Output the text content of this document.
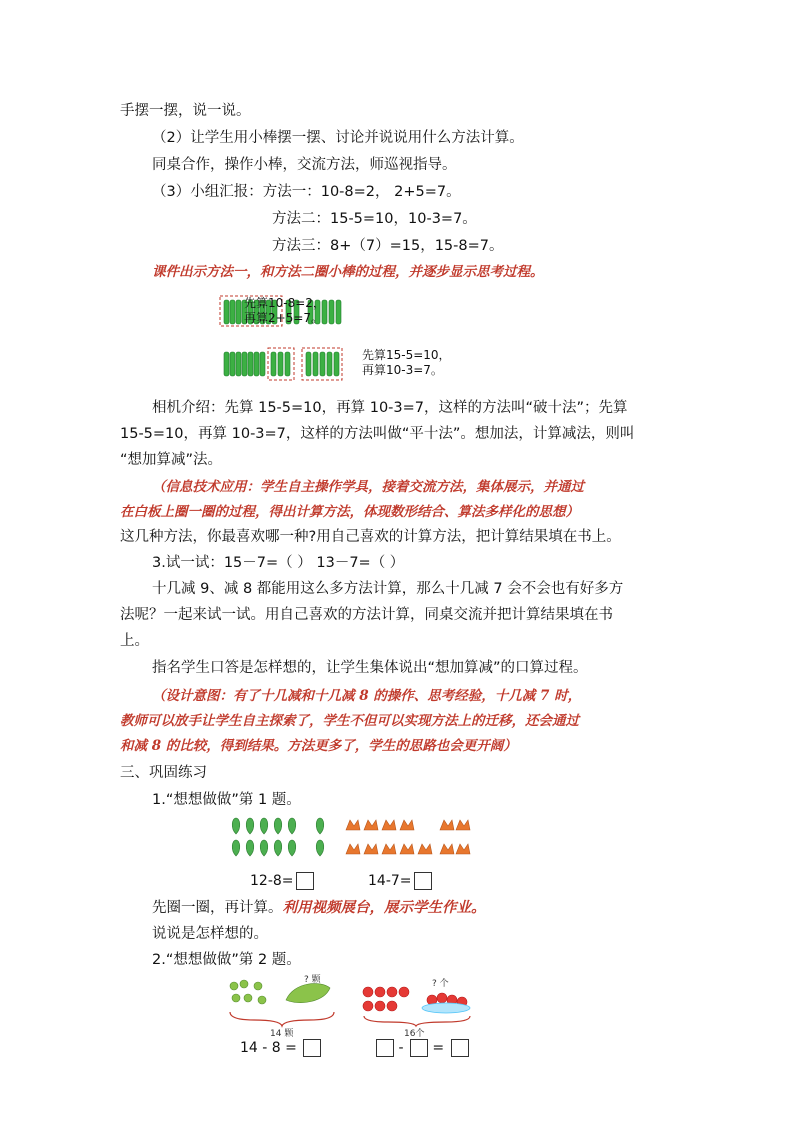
手摆一摆，说一说。
（2）让学生用小棒摆一摆、讨论并说说用什么方法计算。
同桌合作，操作小棒，交流方法，师巡视指导。
（3）小组汇报：方法一：10-8=2， 2+5=7。
方法二：15-5=10，10-3=7。
方法三：8+（7）=15，15-8=7。
课件出示方法一，和方法二圈小棒的过程，并逐步显示思考过程。
先算10-8=2，
再算2+5=7。
先算15-5=10，
再算10-3=7。
相机介绍：先算 15-5=10，再算 10-3=7，这样的方法叫“破十法”；先算
15-5=10，再算 10-3=7，这样的方法叫做“平十法”。想加法，计算减法，则叫
“想加算减”法。
（信息技术应用：学生自主操作学具，接着交流方法，集体展示，并通过
在白板上圈一圈的过程，得出计算方法，体现数形结合、算法多样化的思想）
这几种方法，你最喜欢哪一种?用自己喜欢的计算方法，把计算结果填在书上。
3.试一试：15－7=（ ） 13－7=（ ）
十几减 9、减 8 都能用这么多方法计算，那么十几减 7 会不会也有好多方
法呢？一起来试一试。用自己喜欢的方法计算，同桌交流并把计算结果填在书
上。
指名学生口答是怎样想的，让学生集体说出“想加算减”的口算过程。
（设计意图：有了十几减和十几减 8 的操作、思考经验，十几减 7 时，
教师可以放手让学生自主探索了，学生不但可以实现方法上的迁移，还会通过
和减 8 的比较，得到结果。方法更多了，学生的思路也会更开阔）
三、巩固练习
1.“想想做做”第 1 题。
12-8=	14-7=
先圈一圈，再计算。利用视频展台，展示学生作业。
说说是怎样想的。
2.“想想做做”第 2 题。
? 颗
14 颗
? 个
16个
14 - 8 =	- =
